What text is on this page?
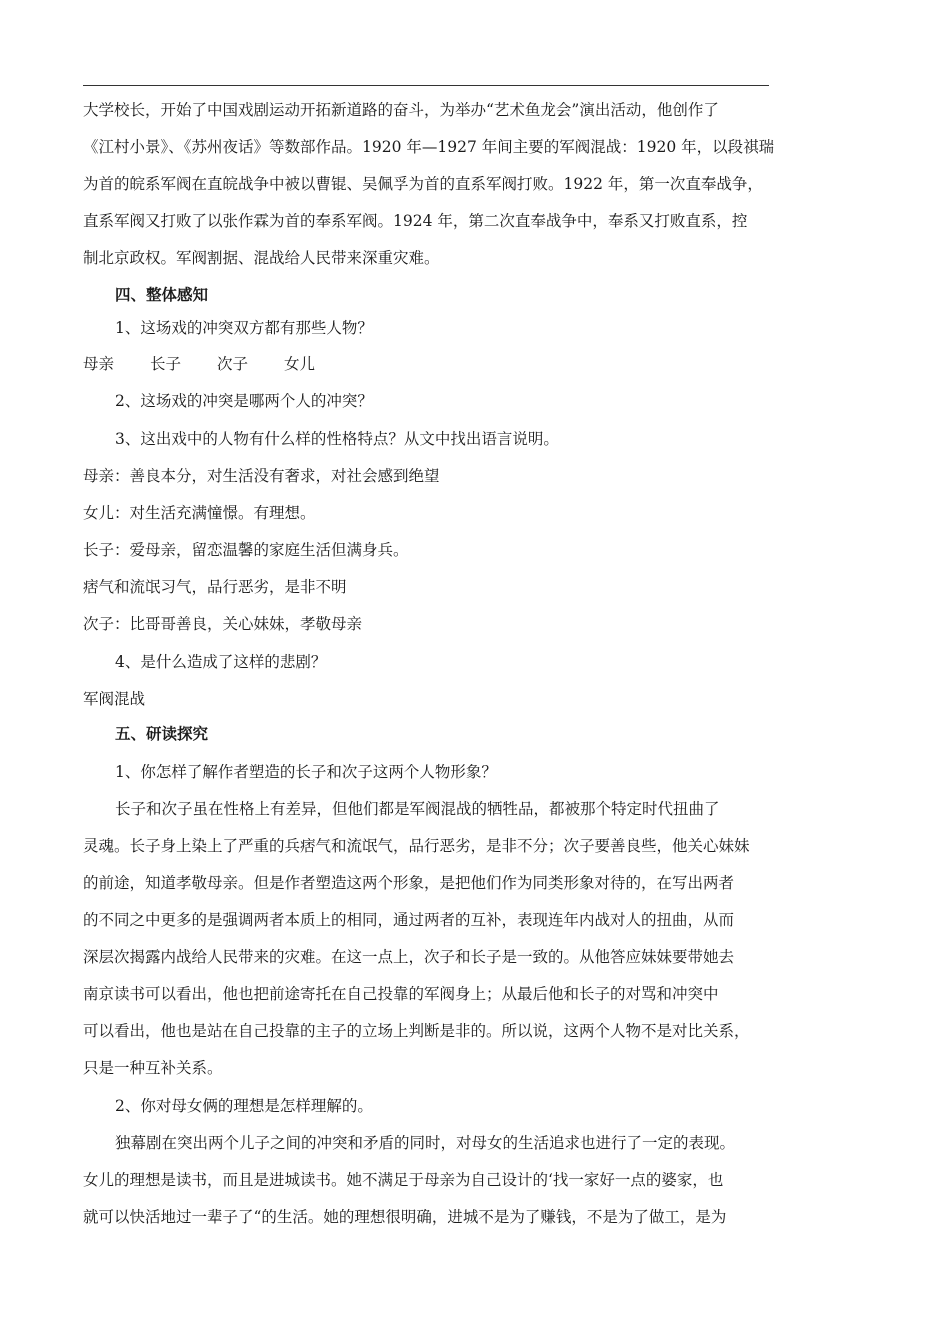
大学校长，开始了中国戏剧运动开拓新道路的奋斗，为举办“艺术鱼龙会”演出活动，他创作了
《江村小景》、《苏州夜话》等数部作品。1920 年—1927 年间主要的军阀混战：1920 年，以段祺瑞
为首的皖系军阀在直皖战争中被以曹锟、吴佩孚为首的直系军阀打败。1922 年，第一次直奉战争，
直系军阀又打败了以张作霖为首的奉系军阀。1924 年，第二次直奉战争中，奉系又打败直系，控
制北京政权。军阀割据、混战给人民带来深重灾难。
四、整体感知
1、这场戏的冲突双方都有那些人物？
母亲 长子 次子 女儿
2、这场戏的冲突是哪两个人的冲突？
3、这出戏中的人物有什么样的性格特点？从文中找出语言说明。
母亲：善良本分，对生活没有奢求，对社会感到绝望
女儿：对生活充满憧憬。有理想。
长子：爱母亲，留恋温馨的家庭生活但满身兵。
痞气和流氓习气，品行恶劣，是非不明
次子：比哥哥善良，关心妹妹，孝敬母亲
4、是什么造成了这样的悲剧？
军阀混战
五、研读探究
1、你怎样了解作者塑造的长子和次子这两个人物形象？
长子和次子虽在性格上有差异，但他们都是军阀混战的牺牲品，都被那个特定时代扭曲了
灵魂。长子身上染上了严重的兵痞气和流氓气，品行恶劣，是非不分；次子要善良些，他关心妹妹
的前途，知道孝敬母亲。但是作者塑造这两个形象，是把他们作为同类形象对待的，在写出两者
的不同之中更多的是强调两者本质上的相同，通过两者的互补，表现连年内战对人的扭曲，从而
深层次揭露内战给人民带来的灾难。在这一点上，次子和长子是一致的。从他答应妹妹要带她去
南京读书可以看出，他也把前途寄托在自己投靠的军阀身上；从最后他和长子的对骂和冲突中
可以看出，他也是站在自己投靠的主子的立场上判断是非的。所以说，这两个人物不是对比关系，
只是一种互补关系。
2、你对母女俩的理想是怎样理解的。
独幕剧在突出两个儿子之间的冲突和矛盾的同时，对母女的生活追求也进行了一定的表现。
女儿的理想是读书，而且是进城读书。她不满足于母亲为自己设计的‘找一家好一点的婆家，也
就可以快活地过一辈子了“的生活。她的理想很明确，进城不是为了赚钱，不是为了做工，是为
